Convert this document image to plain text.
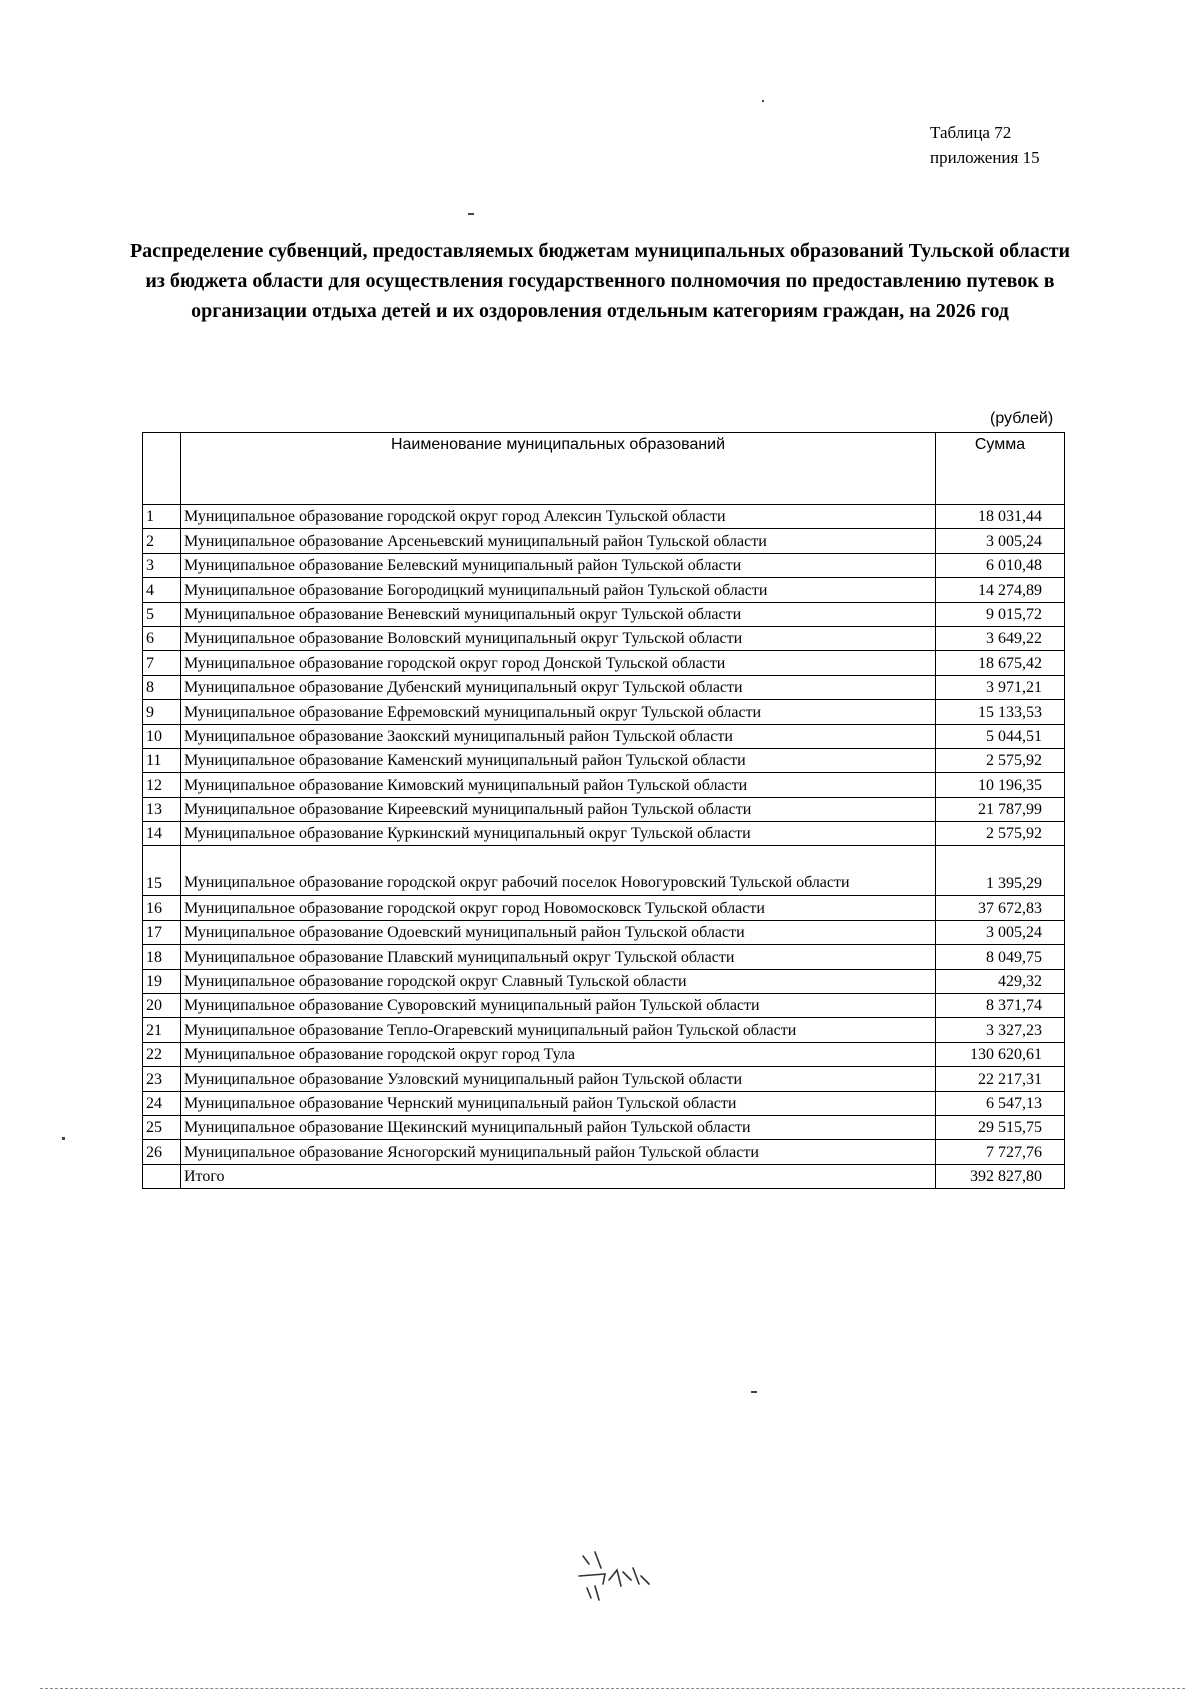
Таблица 72
приложения 15
Распределение субвенций, предоставляемых бюджетам муниципальных образований Тульской области из бюджета области для осуществления государственного полномочия по предоставлению путевок в организации отдыха детей и их оздоровления отдельным категориям граждан, на 2026 год
(рублей)
	Наименование муниципальных образований	Сумма
1	Муниципальное образование городской округ город Алексин Тульской области	18 031,44
2	Муниципальное образование Арсеньевский муниципальный район Тульской области	3 005,24
3	Муниципальное образование Белевский муниципальный район Тульской области	6 010,48
4	Муниципальное образование Богородицкий муниципальный район Тульской области	14 274,89
5	Муниципальное образование Веневский муниципальный округ Тульской области	9 015,72
6	Муниципальное образование Воловский муниципальный округ Тульской области	3 649,22
7	Муниципальное образование городской округ город Донской Тульской области	18 675,42
8	Муниципальное образование Дубенский муниципальный округ Тульской области	3 971,21
9	Муниципальное образование Ефремовский муниципальный округ Тульской области	15 133,53
10	Муниципальное образование Заокский муниципальный район Тульской области	5 044,51
11	Муниципальное образование Каменский муниципальный район Тульской области	2 575,92
12	Муниципальное образование Кимовский муниципальный район Тульской области	10 196,35
13	Муниципальное образование Киреевский муниципальный район Тульской области	21 787,99
14	Муниципальное образование Куркинский муниципальный округ Тульской области	2 575,92
15	Муниципальное образование городской округ рабочий поселок Новогуровский Тульской области	1 395,29
16	Муниципальное образование городской округ город Новомосковск Тульской области	37 672,83
17	Муниципальное образование Одоевский муниципальный район Тульской области	3 005,24
18	Муниципальное образование Плавский муниципальный округ Тульской области	8 049,75
19	Муниципальное образование городской округ Славный Тульской области	429,32
20	Муниципальное образование Суворовский муниципальный район Тульской области	8 371,74
21	Муниципальное образование Тепло-Огаревский муниципальный район Тульской области	3 327,23
22	Муниципальное образование городской округ город Тула	130 620,61
23	Муниципальное образование Узловский муниципальный район Тульской области	22 217,31
24	Муниципальное образование Чернский муниципальный район Тульской области	6 547,13
25	Муниципальное образование Щекинский муниципальный район Тульской области	29 515,75
26	Муниципальное образование Ясногорский муниципальный район Тульской области	7 727,76
	Итого	392 827,80
